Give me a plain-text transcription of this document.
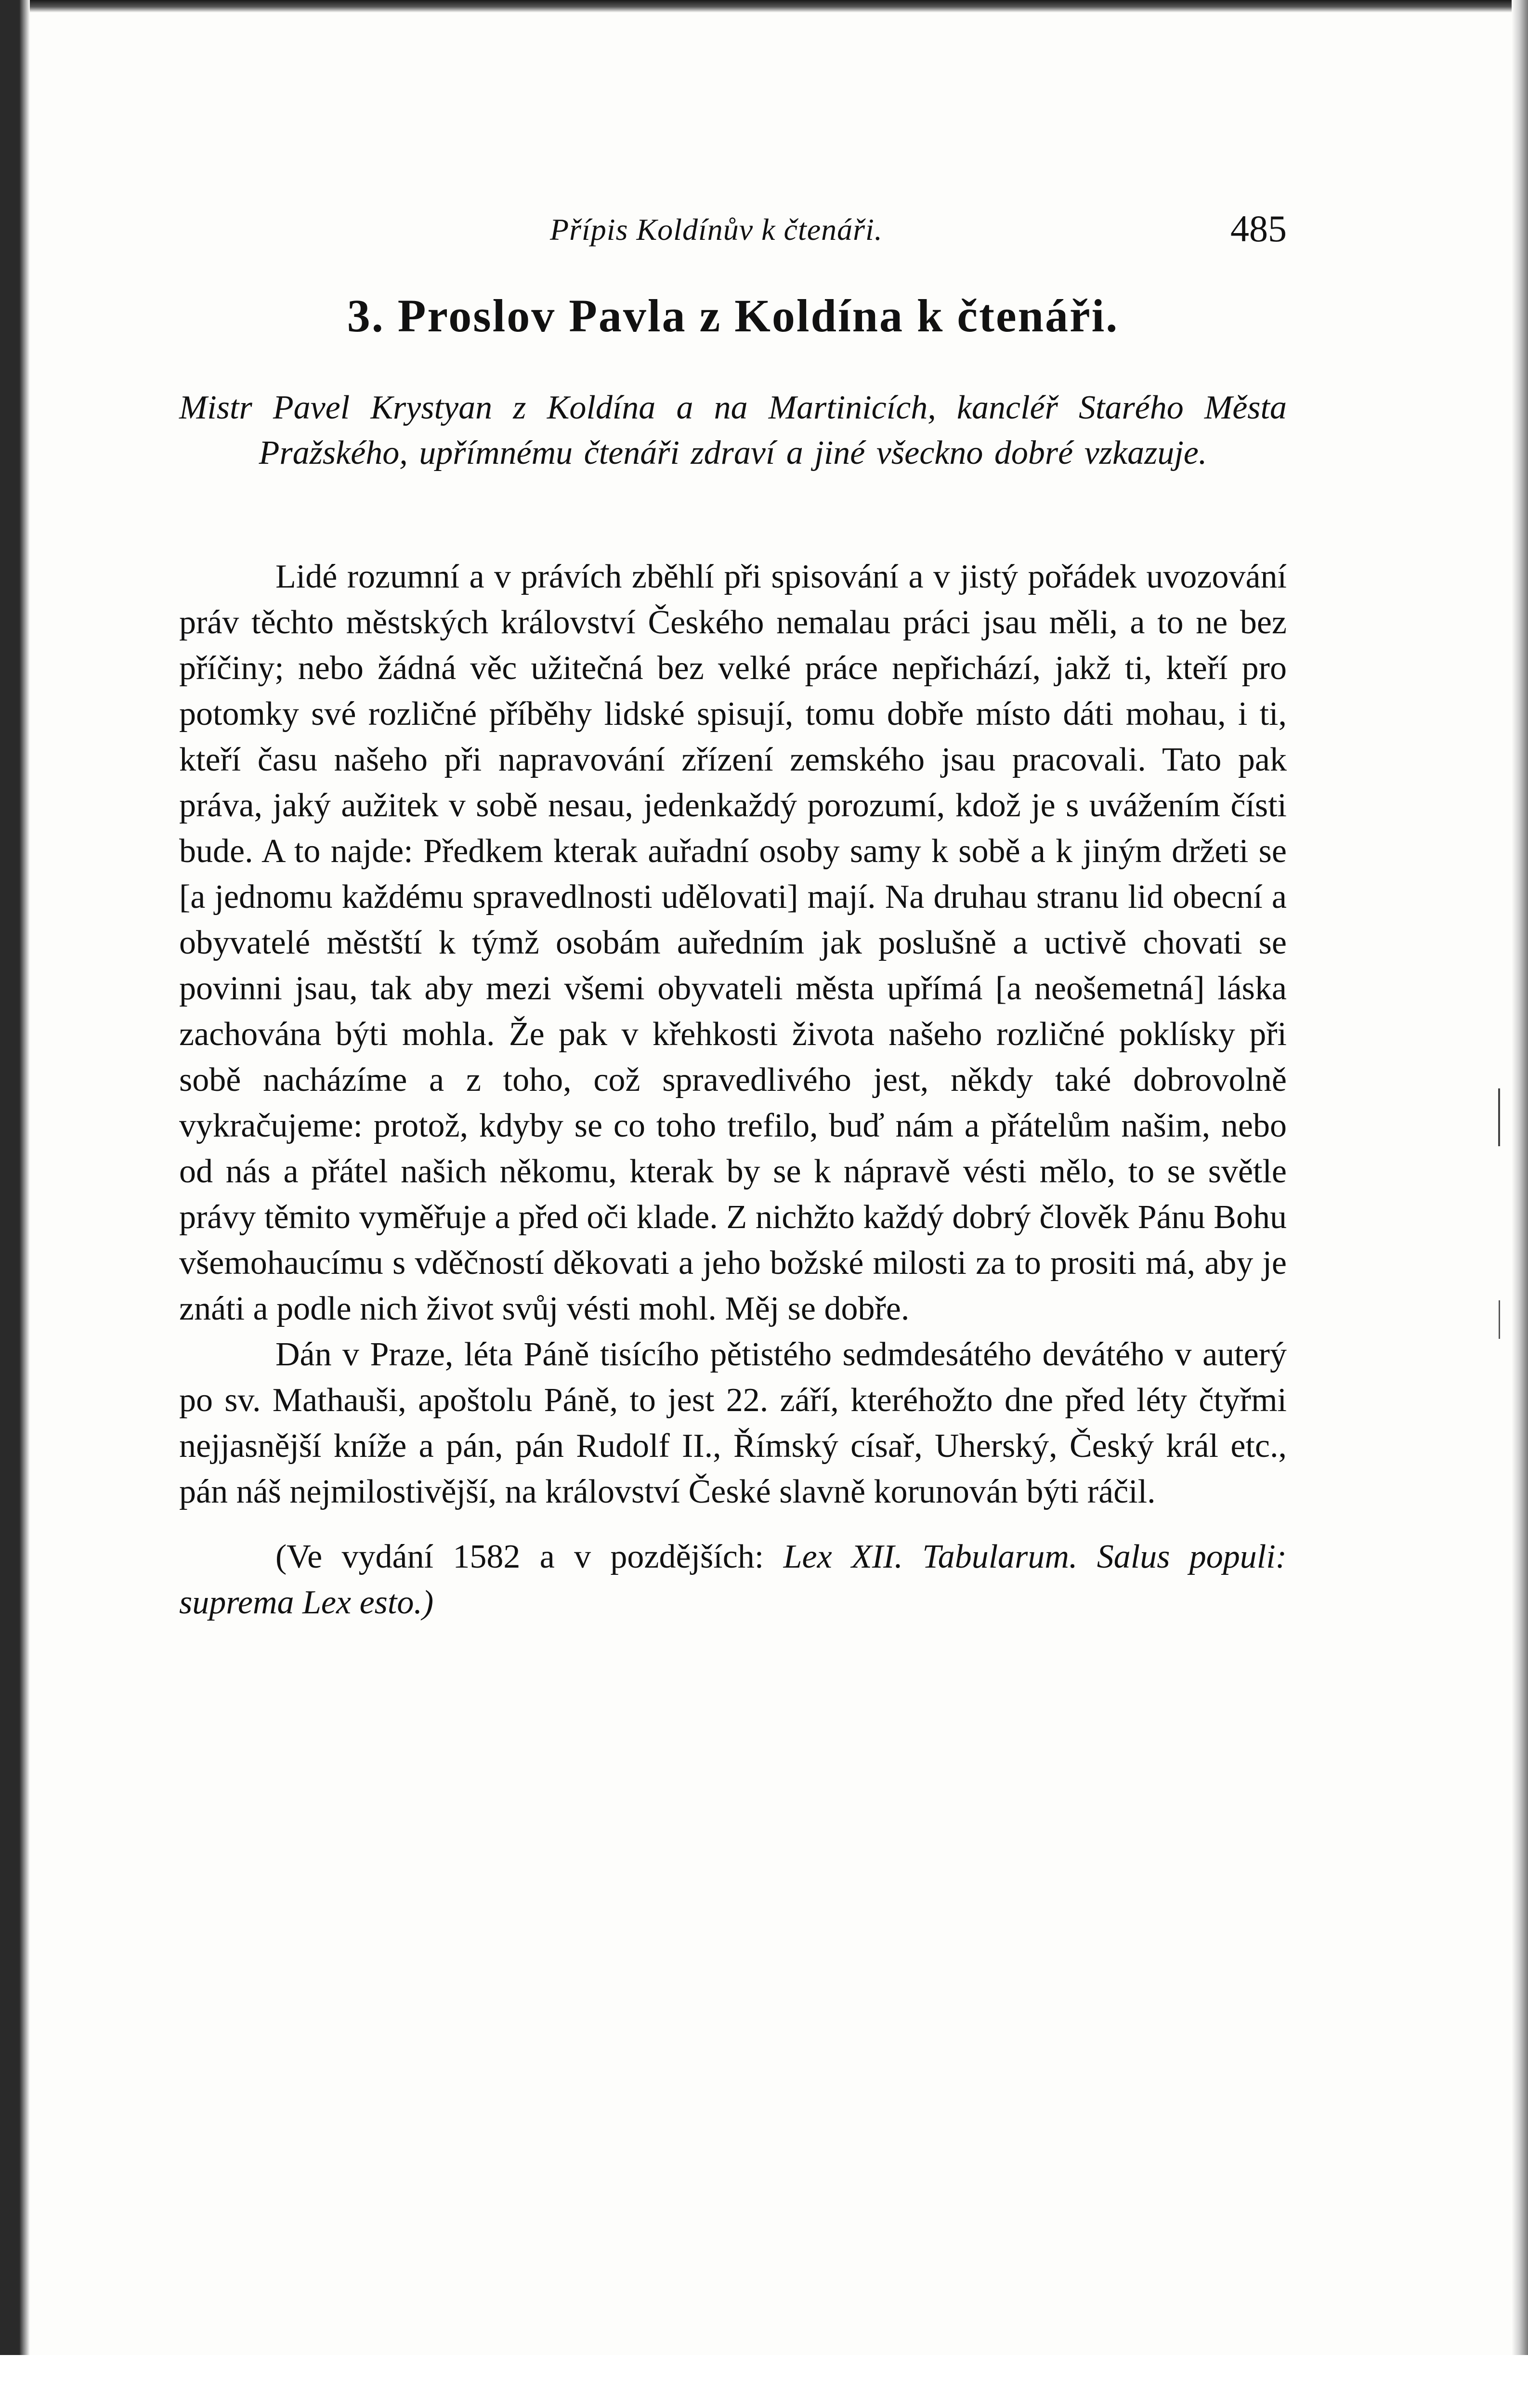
Přípis Koldínův k čtenáři.	485
3. Proslov Pavla z Koldína k čtenáři.
Mistr Pavel Krystyan z Koldína a na Martinicích, kancléř Starého Města Pražského, upřímnému čtenáři zdraví a jiné všeckno dobré vzkazuje.

Lidé rozumní a v právích zběhlí při spisování a v jistý pořádek uvozování práv těchto městských království Českého nemalau práci jsau měli, a to ne bez příčiny; nebo žádná věc užitečná bez velké práce nepřichází, jakž ti, kteří pro potomky své rozličné příběhy lidské spisují, tomu dobře místo dáti mohau, i ti, kteří času našeho při napravování zřízení zemského jsau pracovali. Tato pak práva, jaký aužitek v sobě nesau, jedenkaždý porozumí, kdož je s uvážením čísti bude. A to najde: Předkem kterak auřadní osoby samy k sobě a k jiným držeti se [a jednomu každému spravedlnosti udělovati] mají. Na druhau stranu lid obecní a obyvatelé městští k týmž osobám auředním jak poslušně a uctivě chovati se povinni jsau, tak aby mezi všemi obyvateli města upřímá [a neošemetná] láska zachována býti mohla. Že pak v křehkosti života našeho rozličné poklísky při sobě nacházíme a z toho, což spravedlivého jest, někdy také dobrovolně vykračujeme: protož, kdyby se co toho trefilo, buď nám a přátelům našim, nebo od nás a přátel našich někomu, kterak by se k nápravě vésti mělo, to se světle právy těmito vyměřuje a před oči klade. Z nichžto každý dobrý člověk Pánu Bohu všemohaucímu s vděčností děkovati a jeho božské milosti za to prositi má, aby je znáti a podle nich život svůj vésti mohl. Měj se dobře.

Dán v Praze, léta Páně tisícího pětistého sedmdesátého devátého v auterý po sv. Mathauši, apoštolu Páně, to jest 22. září, kteréhožto dne před léty čtyřmi nejjasnější kníže a pán, pán Rudolf II., Římský císař, Uherský, Český král etc., pán náš nejmilostivější, na království České slavně korunován býti ráčil.

(Ve vydání 1582 a v pozdějších: Lex XII. Tabularum. Salus populi: suprema Lex esto.)
